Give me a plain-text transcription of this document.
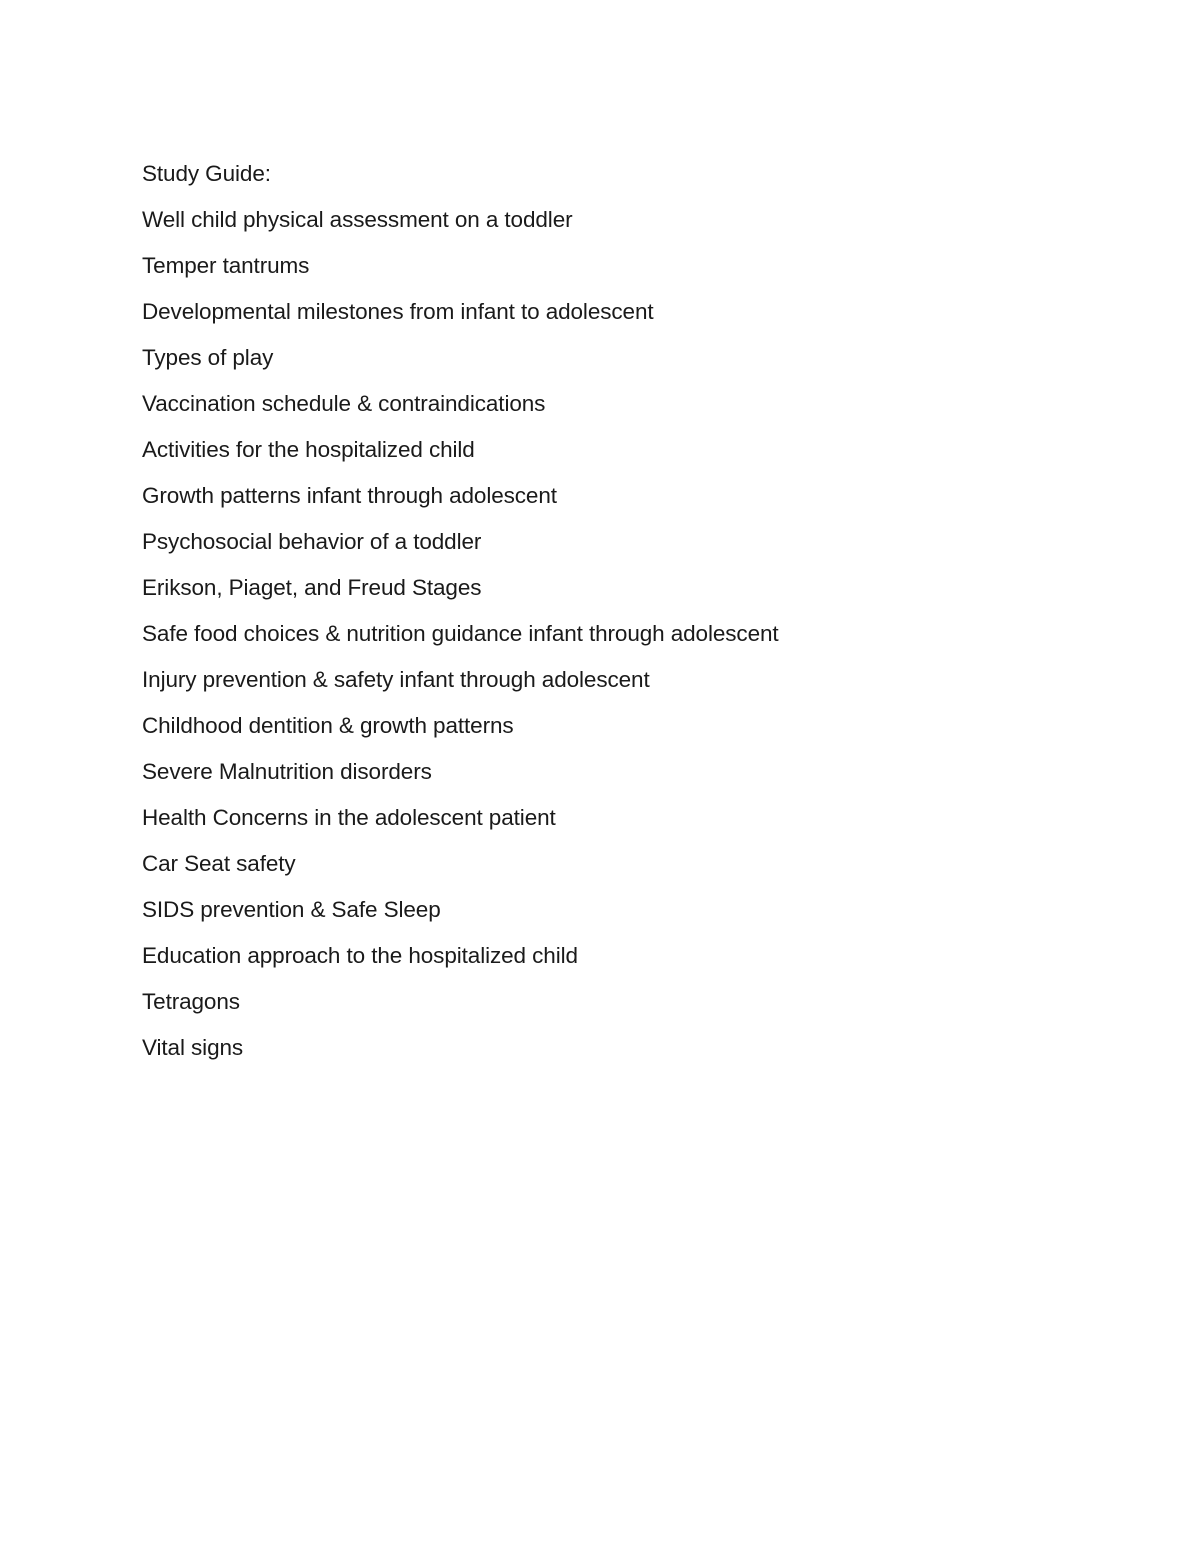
Study Guide:
Well child physical assessment on a toddler
Temper tantrums
Developmental milestones from infant to adolescent
Types of play
Vaccination schedule & contraindications
Activities for the hospitalized child
Growth patterns infant through adolescent
Psychosocial behavior of a toddler
Erikson, Piaget, and Freud Stages
Safe food choices & nutrition guidance infant through adolescent
Injury prevention & safety infant through adolescent
Childhood dentition & growth patterns
Severe Malnutrition disorders
Health Concerns in the adolescent patient
Car Seat safety
SIDS prevention & Safe Sleep
Education approach to the hospitalized child
Tetragons
Vital signs
